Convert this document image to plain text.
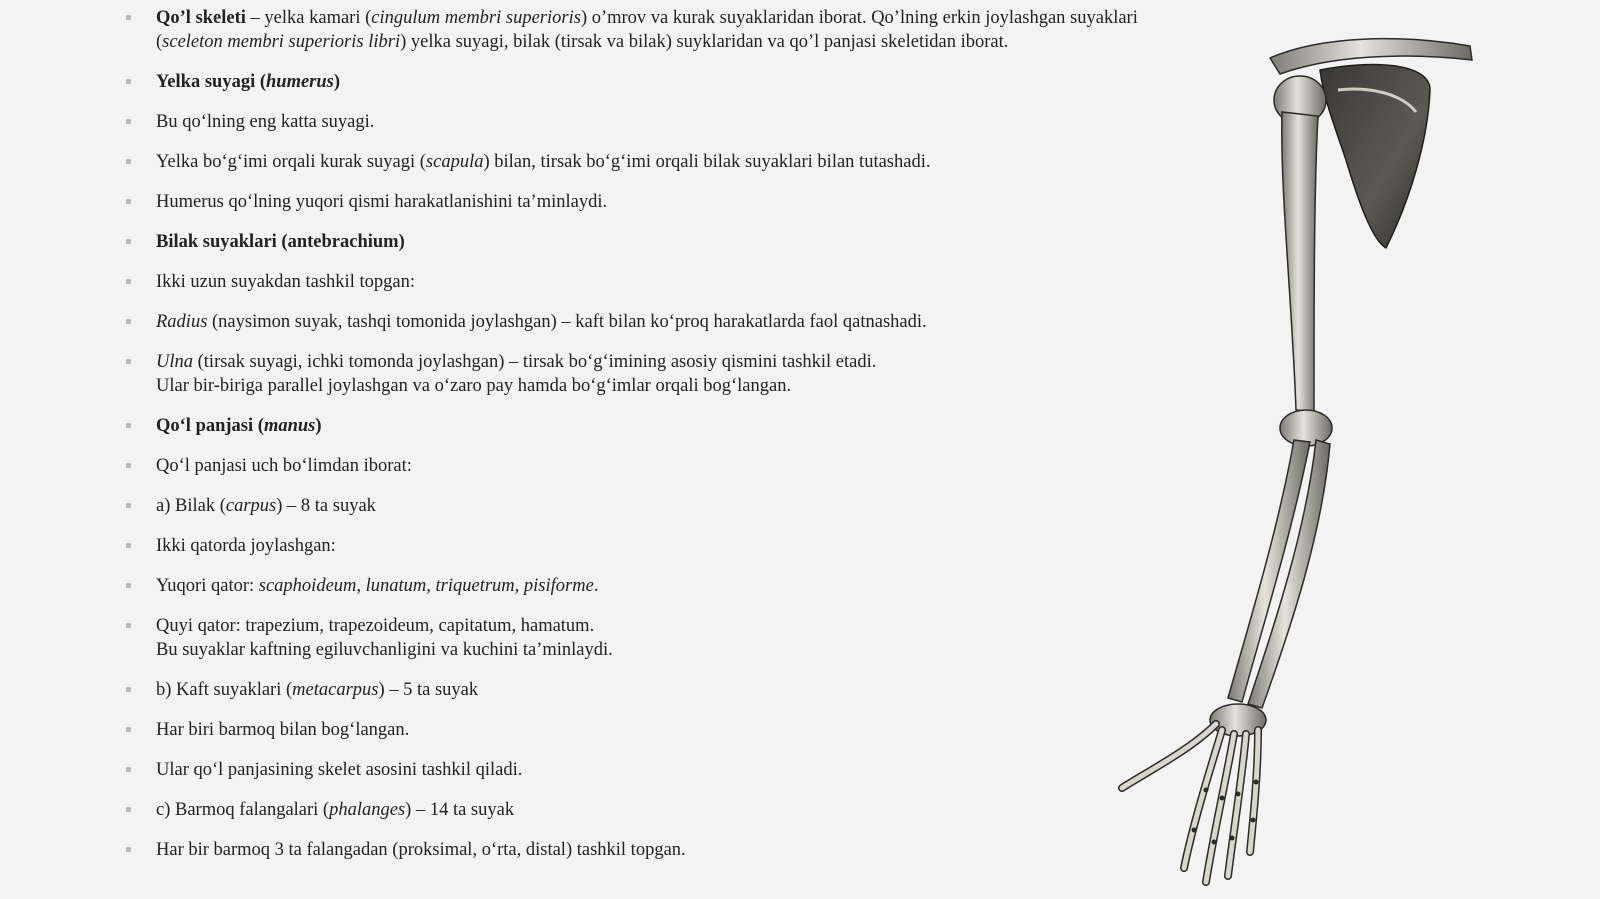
Qo’l skeleti – yelka kamari (cingulum membri superioris) o’mrov va kurak suyaklaridan iborat. Qo’lning erkin joylashgan suyaklari
(sceleton membri superioris libri) yelka suyagi, bilak (tirsak va bilak) suyklaridan va qo’l panjasi skeletidan iborat.
Yelka suyagi (humerus)
Bu qo‘lning eng katta suyagi.
Yelka bo‘g‘imi orqali kurak suyagi (scapula) bilan, tirsak bo‘g‘imi orqali bilak suyaklari bilan tutashadi.
Humerus qo‘lning yuqori qismi harakatlanishini ta’minlaydi.
Bilak suyaklari (antebrachium)
Ikki uzun suyakdan tashkil topgan:
Radius (naysimon suyak, tashqi tomonida joylashgan) – kaft bilan ko‘proq harakatlarda faol qatnashadi.
Ulna (tirsak suyagi, ichki tomonda joylashgan) – tirsak bo‘g‘imining asosiy qismini tashkil etadi.
Ular bir-biriga parallel joylashgan va o‘zaro pay hamda bo‘g‘imlar orqali bog‘langan.
Qo‘l panjasi (manus)
Qo‘l panjasi uch bo‘limdan iborat:
a) Bilak (carpus) – 8 ta suyak
Ikki qatorda joylashgan:
Yuqori qator: scaphoideum, lunatum, triquetrum, pisiforme.
Quyi qator: trapezium, trapezoideum, capitatum, hamatum.
Bu suyaklar kaftning egiluvchanligini va kuchini ta’minlaydi.
b) Kaft suyaklari (metacarpus) – 5 ta suyak
Har biri barmoq bilan bog‘langan.
Ular qo‘l panjasining skelet asosini tashkil qiladi.
c) Barmoq falangalari (phalanges) – 14 ta suyak
Har bir barmoq 3 ta falangadan (proksimal, o‘rta, distal) tashkil topgan.
